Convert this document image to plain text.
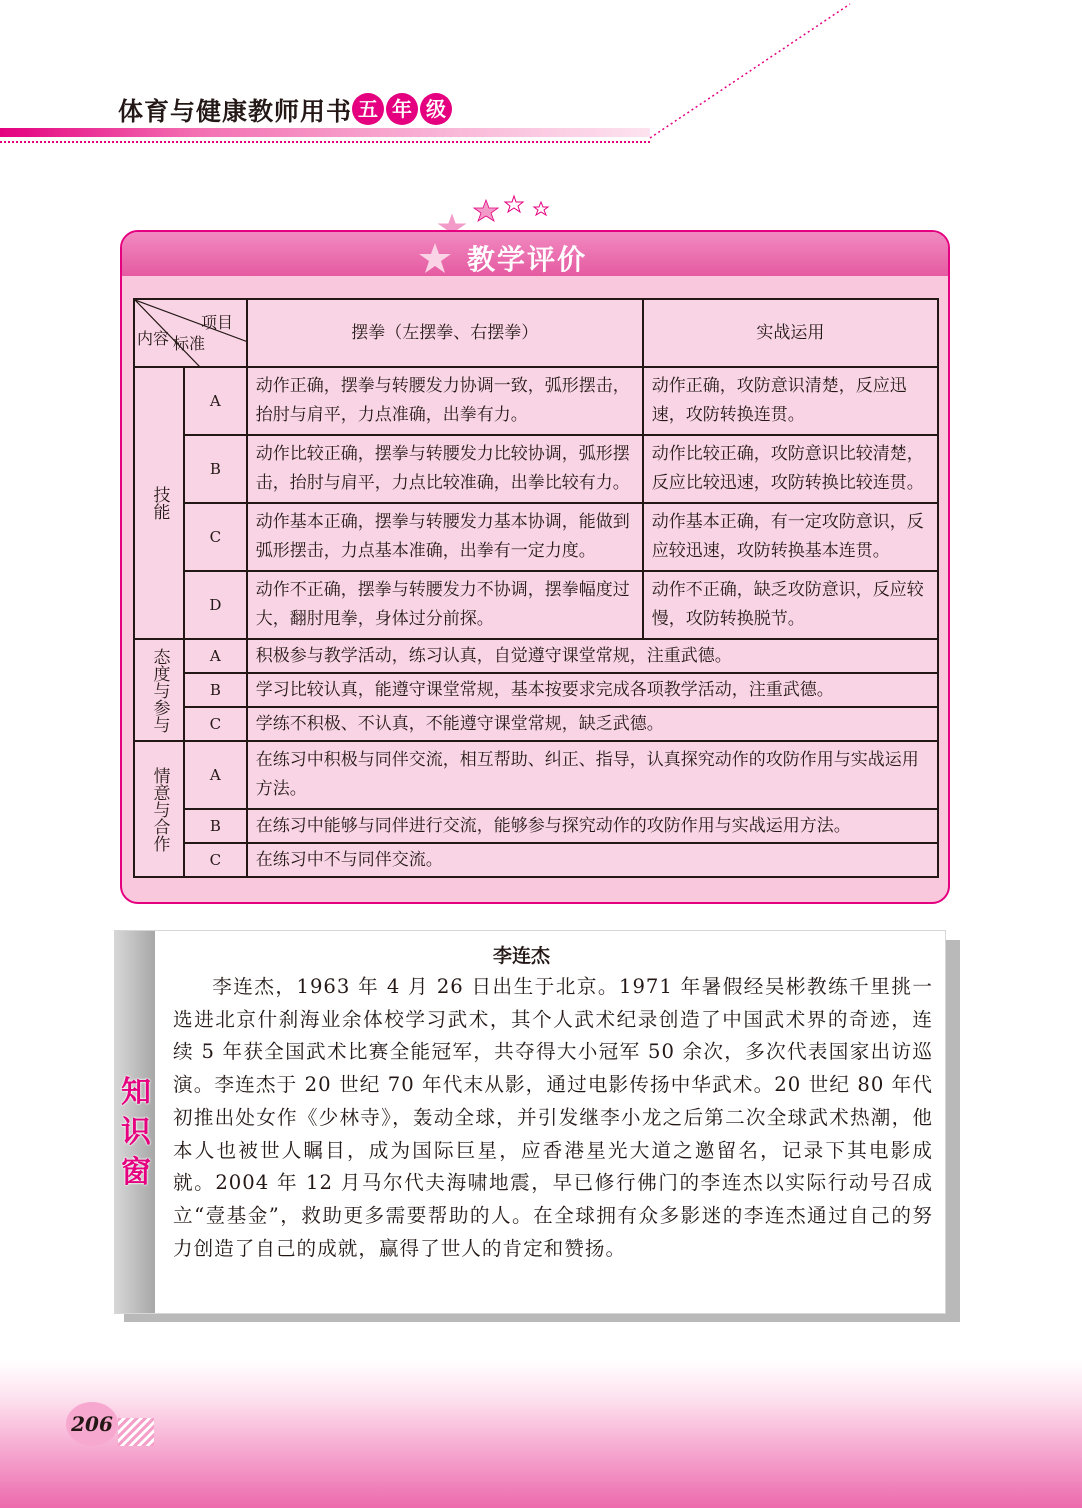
体育与健康教师用书 五 年 级
教学评价
项目
标准
内容		摆拳（左摆拳、右摆拳）	实战运用
技能	A	动作正确，摆拳与转腰发力协调一致，弧形摆击，抬肘与肩平，力点准确，出拳有力。	动作正确，攻防意识清楚，反应迅速，攻防转换连贯。
	B	动作比较正确，摆拳与转腰发力比较协调，弧形摆击，抬肘与肩平，力点比较准确，出拳比较有力。	动作比较正确，攻防意识比较清楚，反应比较迅速，攻防转换比较连贯。
	C	动作基本正确，摆拳与转腰发力基本协调，能做到弧形摆击，力点基本准确，出拳有一定力度。	动作基本正确，有一定攻防意识，反应较迅速，攻防转换基本连贯。
	D	动作不正确，摆拳与转腰发力不协调，摆拳幅度过大，翻肘甩拳，身体过分前探。	动作不正确，缺乏攻防意识，反应较慢，攻防转换脱节。
态度与参与	A	积极参与教学活动，练习认真，自觉遵守课堂常规，注重武德。	
	B	学习比较认真，能遵守课堂常规，基本按要求完成各项教学活动，注重武德。	
	C	学练不积极、不认真，不能遵守课堂常规，缺乏武德。	
情意与合作	A	在练习中积极与同伴交流，相互帮助、纠正、指导，认真探究动作的攻防作用与实战运用方法。	
	B	在练习中能够与同伴进行交流，能够参与探究动作的攻防作用与实战运用方法。	
	C	在练习中不与同伴交流。	
知
识
窗
李连杰
李连杰，1963 年 4 月 26 日出生于北京。1971 年暑假经吴彬教练千里挑一选进北京什刹海业余体校学习武术，其个人武术纪录创造了中国武术界的奇迹，连续 5 年获全国武术比赛全能冠军，共夺得大小冠军 50 余次，多次代表国家出访巡演。李连杰于 20 世纪 70 年代末从影，通过电影传扬中华武术。20 世纪 80 年代初推出处女作《少林寺》，轰动全球，并引发继李小龙之后第二次全球武术热潮，他本人也被世人瞩目，成为国际巨星，应香港星光大道之邀留名，记录下其电影成就。2004 年 12 月马尔代夫海啸地震，早已修行佛门的李连杰以实际行动号召成立“壹基金”，救助更多需要帮助的人。在全球拥有众多影迷的李连杰通过自己的努力创造了自己的成就，赢得了世人的肯定和赞扬。
206
